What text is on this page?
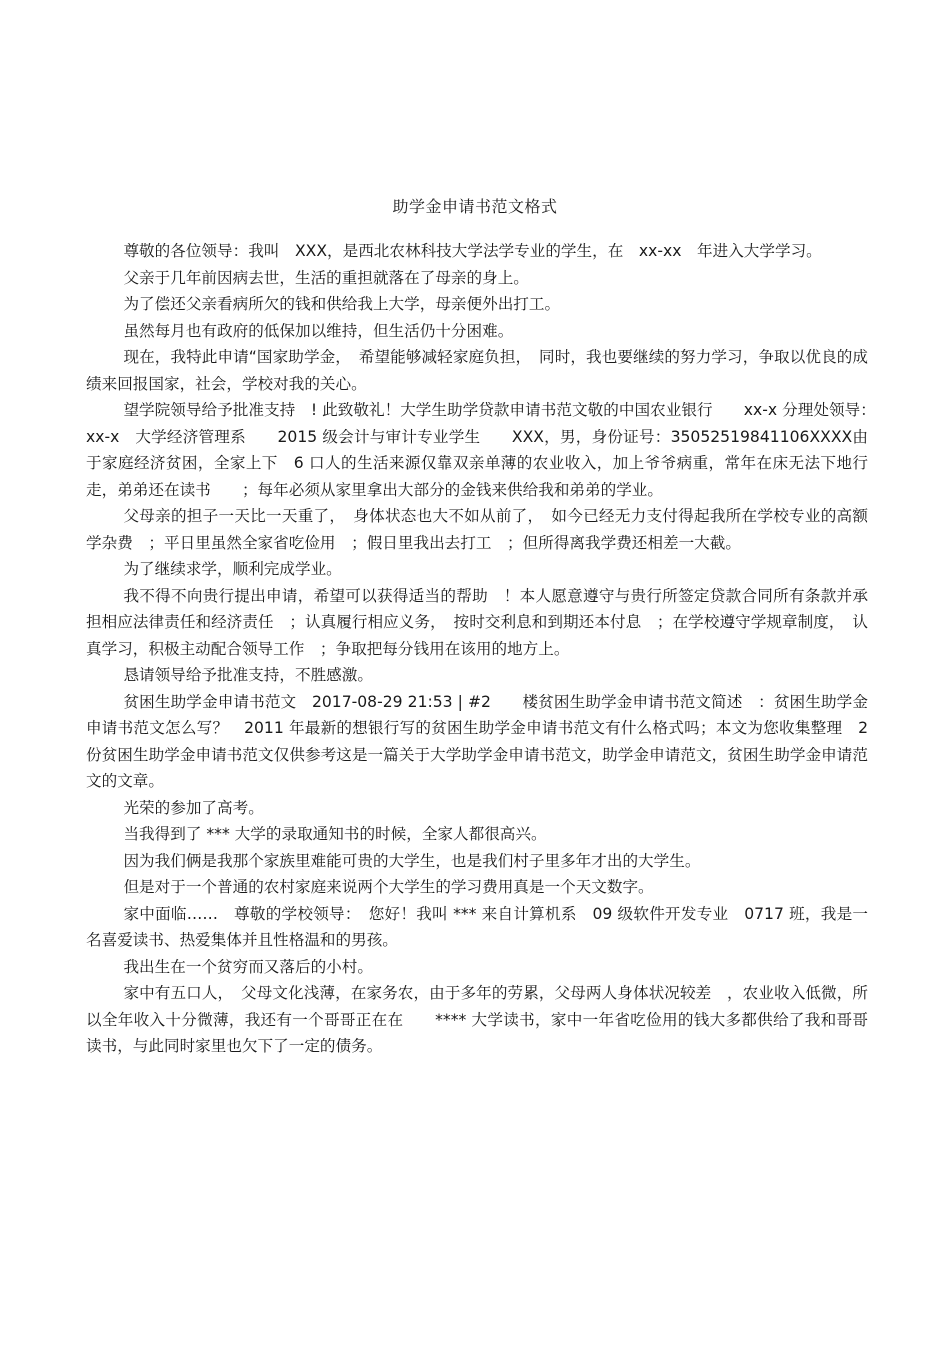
助学金申请书范文格式

尊敬的各位领导：我叫　XXX，是西北农林科技大学法学专业的学生，在　xx-xx　年进入大学学习。

父亲于几年前因病去世，生活的重担就落在了母亲的身上。

为了偿还父亲看病所欠的钱和供给我上大学，母亲便外出打工。

虽然每月也有政府的低保加以维持，但生活仍十分困难。

现在，我特此申请“国家助学金，　希望能够减轻家庭负担，　同时，我也要继续的努力学习，争取以优良的成绩来回报国家，社会，学校对我的关心。

望学院领导给予批准支持　! 此致敬礼！大学生助学贷款申请书范文敬的中国农业银行　　xx-x 分理处领导：　xx-x　大学经济管理系　　2015 级会计与审计专业学生　　XXX，男，身份证号：35052519841106XXXX由于家庭经济贫困，全家上下　6 口人的生活来源仅靠双亲单薄的农业收入，加上爷爷病重，常年在床无法下地行走，弟弟还在读书　　；每年必须从家里拿出大部分的金钱来供给我和弟弟的学业。

父母亲的担子一天比一天重了，　身体状态也大不如从前了，　如今已经无力支付得起我所在学校专业的高额学杂费　；平日里虽然全家省吃俭用　；假日里我出去打工　；但所得离我学费还相差一大截。

为了继续求学，顺利完成学业。

我不得不向贵行提出申请，希望可以获得适当的帮助　！本人愿意遵守与贵行所签定贷款合同所有条款并承担相应法律责任和经济责任　；认真履行相应义务，　按时交利息和到期还本付息　；在学校遵守学规章制度，　认真学习，积极主动配合领导工作　；争取把每分钱用在该用的地方上。

恳请领导给予批准支持，不胜感激。

贫困生助学金申请书范文　2017-08-29 21:53 | #2　　楼贫困生助学金申请书范文简述　：贫困生助学金申请书范文怎么写？　2011 年最新的想银行写的贫困生助学金申请书范文有什么格式吗；本文为您收集整理　2 份贫困生助学金申请书范文仅供参考这是一篇关于大学助学金申请书范文，助学金申请范文，贫困生助学金申请范文的文章。

光荣的参加了高考。

当我得到了 *** 大学的录取通知书的时候，全家人都很高兴。

因为我们俩是我那个家族里难能可贵的大学生，也是我们村子里多年才出的大学生。

但是对于一个普通的农村家庭来说两个大学生的学习费用真是一个天文数字。

家中面临……　尊敬的学校领导：　您好！我叫 *** 来自计算机系　09 级软件开发专业　0717 班，我是一名喜爱读书、热爱集体并且性格温和的男孩。

我出生在一个贫穷而又落后的小村。

家中有五口人，　父母文化浅薄，在家务农，由于多年的劳累，父母两人身体状况较差　，农业收入低微，所以全年收入十分微薄，我还有一个哥哥正在在　　**** 大学读书，家中一年省吃俭用的钱大多都供给了我和哥哥读书，与此同时家里也欠下了一定的债务。
